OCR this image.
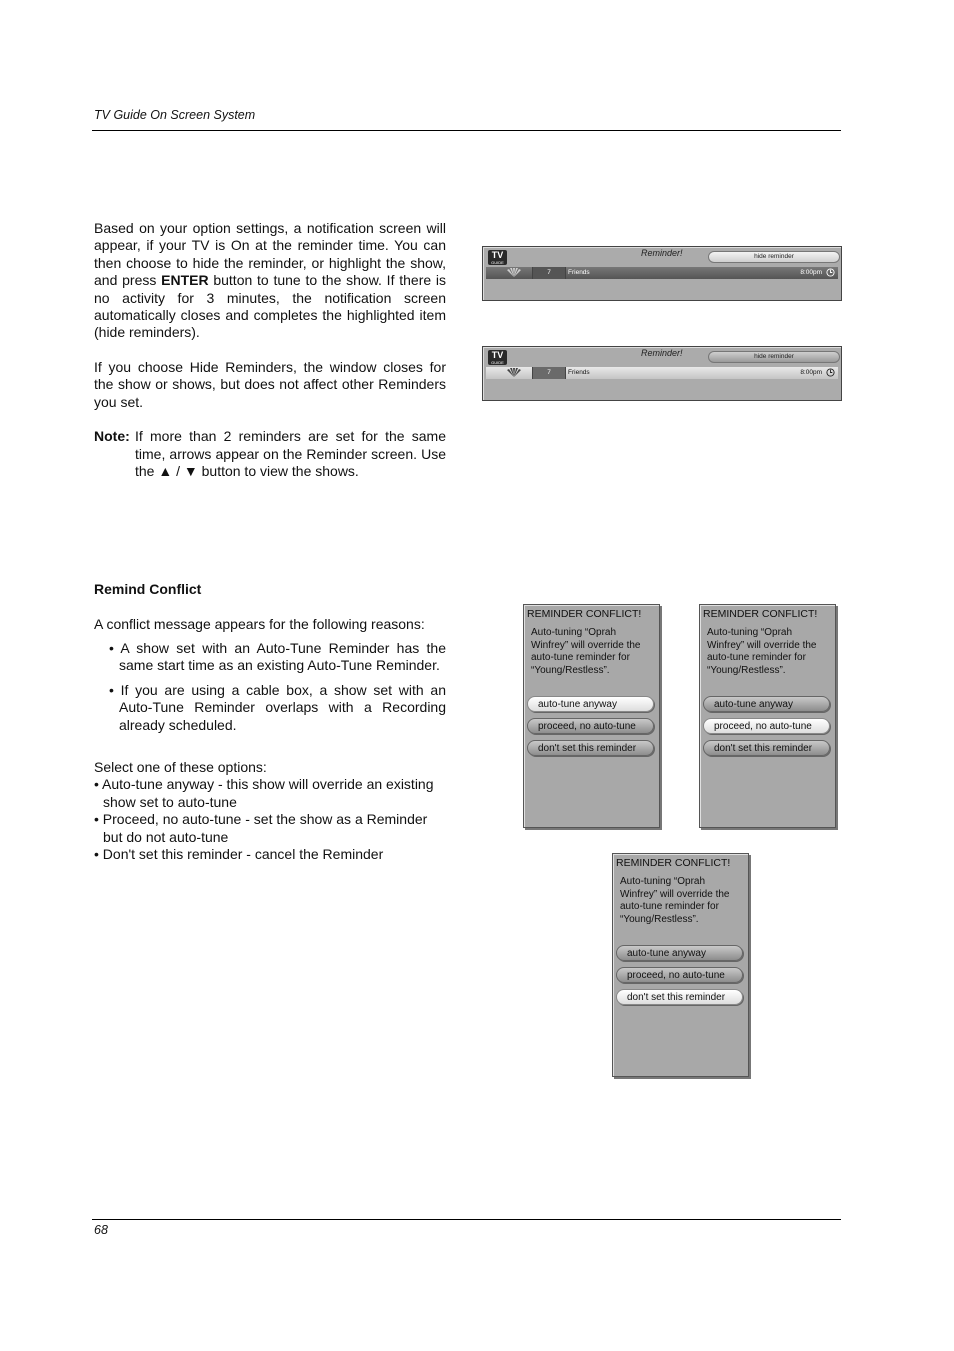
TV Guide On Screen System
Based on your option settings, a notification screen will appear, if your TV is On at the reminder time. You can then choose to hide the reminder, or highlight the show, and press ENTER button to tune to the show. If there is no activity for 3 minutes, the notification screen automatically closes and completes the highlighted item (hide reminders).
If you choose Hide Reminders, the window closes for the show or shows, but does not affect other Reminders you set.
Note: If more than 2 reminders are set for the same time, arrows appear on the Reminder screen. Use the ▲ / ▼ button to view the shows.
TV
GUIDE
Reminder!	hide reminder
7	Friends	8:00pm
TV
GUIDE
Reminder!	hide reminder
7	Friends	8:00pm
Remind Conflict
A conflict message appears for the following reasons:
• A show set with an Auto-Tune Reminder has the same start time as an existing Auto-Tune Reminder.
• If you are using a cable box, a show set with an Auto-Tune Reminder overlaps with a Recording already scheduled.
Select one of these options:
• Auto-tune anyway - this show will override an existing show set to auto-tune
• Proceed, no auto-tune - set the show as a Reminder but do not auto-tune
• Don't set this reminder - cancel the Reminder
REMINDER CONFLICT!
Auto-tuning “Oprah Winfrey” will override the auto-tune reminder for “Young/Restless”.
auto-tune anyway
proceed, no auto-tune
don't set this reminder
REMINDER CONFLICT!
Auto-tuning “Oprah Winfrey” will override the auto-tune reminder for “Young/Restless”.
auto-tune anyway
proceed, no auto-tune
don't set this reminder
REMINDER CONFLICT!
Auto-tuning “Oprah Winfrey” will override the auto-tune reminder for “Young/Restless”.
auto-tune anyway
proceed, no auto-tune
don't set this reminder
68
